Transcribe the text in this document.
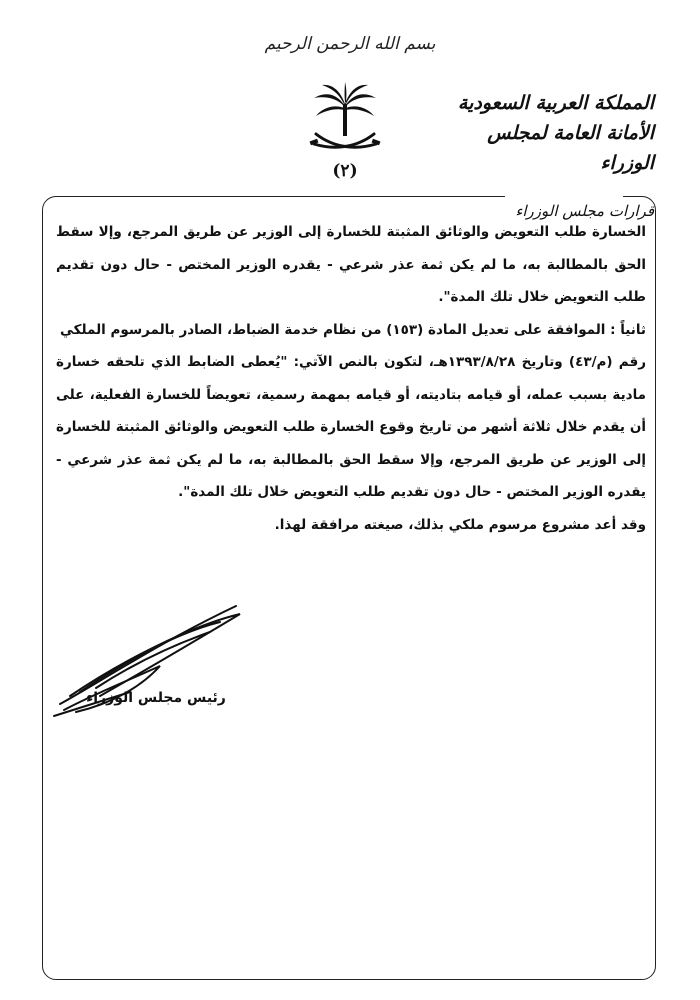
بسم الله الرحمن الرحيم
(٢)
المملكة العربية السعودية
الأمانة العامة لمجلس الوزراء
قرارات مجلس الوزراء

الخسارة طلب التعويض والوثائق المثبتة للخسارة إلى الوزير عن طريق المرجع، وإلا سقط الحق بالمطالبة به، ما لم يكن ثمة عذر شرعي - يقدره الوزير المختص - حال دون تقديم طلب التعويض خلال تلك المدة".

ثانياً : الموافقة على تعديل المادة (١٥٣) من نظام خدمة الضباط، الصادر بالمرسوم الملكي

رقم (م/٤٣) وتاريخ ١٣٩٣/٨/٢٨هـ، لتكون بالنص الآتي: "يُعطى الضابط الذي تلحقه خسارة مادية بسبب عمله، أو قيامه بتاديته، أو قيامه بمهمة رسمية، تعويضاً للخسارة الفعلية، على أن يقدم خلال ثلاثة أشهر من تاريخ وقوع الخسارة طلب التعويض والوثائق المثبتة للخسارة إلى الوزير عن طريق المرجع، وإلا سقط الحق بالمطالبة به، ما لم يكن ثمة عذر شرعي - يقدره الوزير المختص - حال دون تقديم طلب التعويض خلال تلك المدة".

وقد أعد مشروع مرسوم ملكي بذلك، صيغته مرافقة لهذا.

رئيس مجلس الوزراء
